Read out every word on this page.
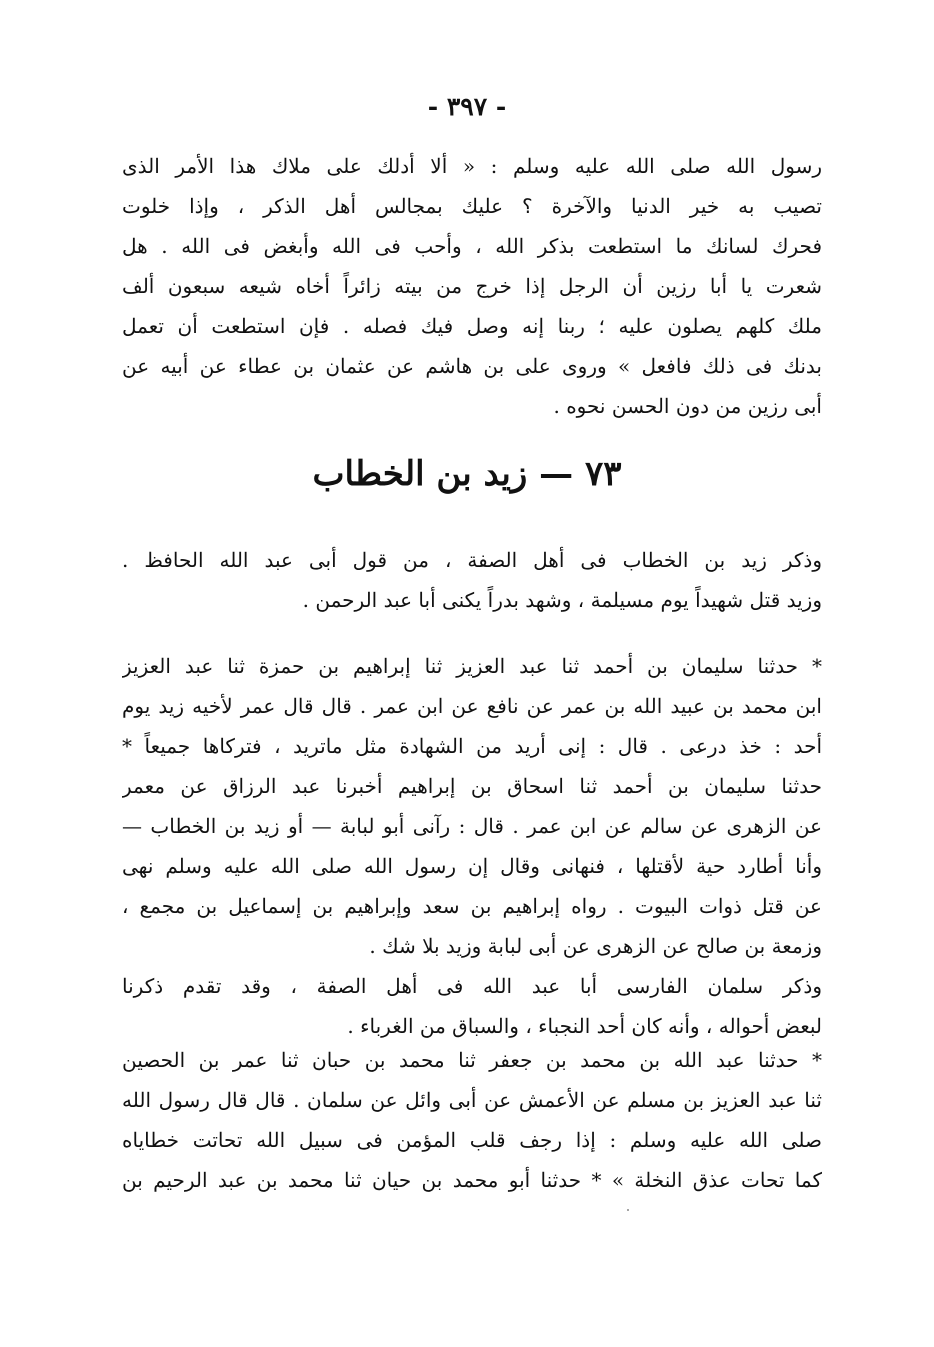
- ٣٩٧ -
رسول الله صلى الله عليه وسلم : « ألا أدلك على ملاك هذا الأمر الذى
تصيب به خير الدنيا والآخرة ؟ عليك بمجالس أهل الذكر ، وإذا خلوت
فحرك لسانك ما استطعت بذكر الله ، وأحب فى الله وأبغض فى الله . هل
شعرت يا أبا رزين أن الرجل إذا خرج من بيته زائراً أخاه شيعه سبعون ألف
ملك كلهم يصلون عليه ؛ ربنا إنه وصل فيك فصله . فإن استطعت أن تعمل
بدنك فى ذلك فافعل » وروى على بن هاشم عن عثمان بن عطاء عن أبيه عن
أبى رزين من دون الحسن نحوه .
٧٣ — زيد بن الخطاب
وذكر زيد بن الخطاب فى أهل الصفة ، من قول أبى عبد الله الحافظ .
وزيد قتل شهيداً يوم مسيلمة ، وشهد بدراً يكنى أبا عبد الرحمن .
* حدثنا سليمان بن أحمد ثنا عبد العزيز ثنا إبراهيم بن حمزة ثنا عبد العزيز
ابن محمد بن عبيد الله بن عمر عن نافع عن ابن عمر . قال قال عمر لأخيه زيد يوم
أحد : خذ درعى . قال : إنى أريد من الشهادة مثل ماتريد ، فتركاها جميعاً *
حدثنا سليمان بن أحمد ثنا اسحاق بن إبراهيم أخبرنا عبد الرزاق عن معمر
عن الزهرى عن سالم عن ابن عمر . قال : رآنى أبو لبابة — أو زيد بن الخطاب —
وأنا أطارد حية لأقتلها ، فنهانى وقال إن رسول الله صلى الله عليه وسلم نهى
عن قتل ذوات البيوت . رواه إبراهيم بن سعد وإبراهيم بن إسماعيل بن مجمع ،
وزمعة بن صالح عن الزهرى عن أبى لبابة وزيد بلا شك .
وذكر سلمان الفارسى أبا عبد الله فى أهل الصفة ، وقد تقدم ذكرنا
لبعض أحواله ، وأنه كان أحد النجباء ، والسباق من الغرباء .
* حدثنا عبد الله بن محمد بن جعفر ثنا محمد بن حبان ثنا عمر بن الحصين
ثنا عبد العزيز بن مسلم عن الأعمش عن أبى وائل عن سلمان . قال قال رسول الله
صلى الله عليه وسلم : إذا رجف قلب المؤمن فى سبيل الله تحاتت خطاياه
كما تحات عذق النخلة » * حدثنا أبو محمد بن حيان ثنا محمد بن عبد الرحيم بن
